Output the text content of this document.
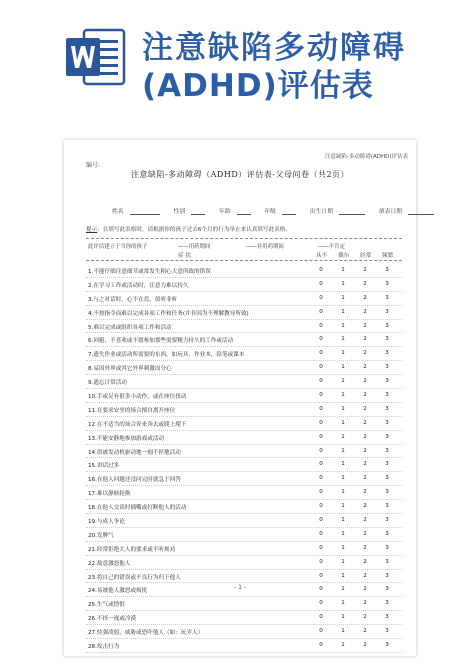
注意缺陷多动障碍
(ADHD)评估表
注意缺陷-多动障碍(ADHD)评估表
编号:
注意缺陷-多动障碍（ADHD）评估表-父母问卷（共2页）
姓名	性别	年龄	年级	出生日期	填表日期
提示：在填写此表格时，请根据你的孩子过去6个月的行为举止来认真填写此表格。
此评估建立于当你的孩子	——用药期间	——非用药期间	——不肯定
症 状	从不 偶尔 经常 频繁
1.不能仔细注意细节或常发生粗心大意所致的错误	0	1	2	3
2.在学习工作或活动时，注意力难以持久	0	1	2	3
3.与之对话时，心不在焉，似听非听	0	1	2	3
4.不按指令而难以完成各项工作和任务(并非因为不理解教导所致)	0	1	2	3
5.难以完成或组织各项工作和活动	0	1	2	3
6.回避、不喜欢或不愿参加那些需要精力持久的工作或活动	0	1	2	3
7.遗失作业或活动所需要的东西，如玩具，作业本，铅笔或课本	0	1	2	3
8.易因外界或其它外界刺激而分心	0	1	2	3
9.遗忘日常活动	0	1	2	3
10.手或足有很多小动作，或在座位扭动	0	1	2	3
11.在要求安坐的场合擅自离开座位	0	1	2	3
12.在不适当的场合奔来奔去或爬上爬下	0	1	2	3
13.不能安静地参加游戏或活动	0	1	2	3
14.似被发动机驱动地一刻不停地活动	0	1	2	3
15.讲话过多	0	1	2	3
16.在他人问题还没问完时就急于回答	0	1	2	3
17.难以静候轮换	0	1	2	3
18.在他人交谈时插嘴或打断他人的活动	0	1	2	3
19.与成人争论	0	1	2	3
20.发脾气	0	1	2	3
21.经常拒绝大人的要求或不听规劝	0	1	2	3
22.故意激怒他人	0	1	2	3
23.将自己的错误或不良行为归于他人	0	1	2	3
24.易被他人激怒或烦扰	0	1	2	3
25.生气或愤恨	0	1	2	3
26.不择一视或冷漠	0	1	2	3
27.恃强凌弱，威胁或恐吓他人（如：玩弄人）	0	1	2	3
28.攻击行为	0	1	2	3
- 1 -
